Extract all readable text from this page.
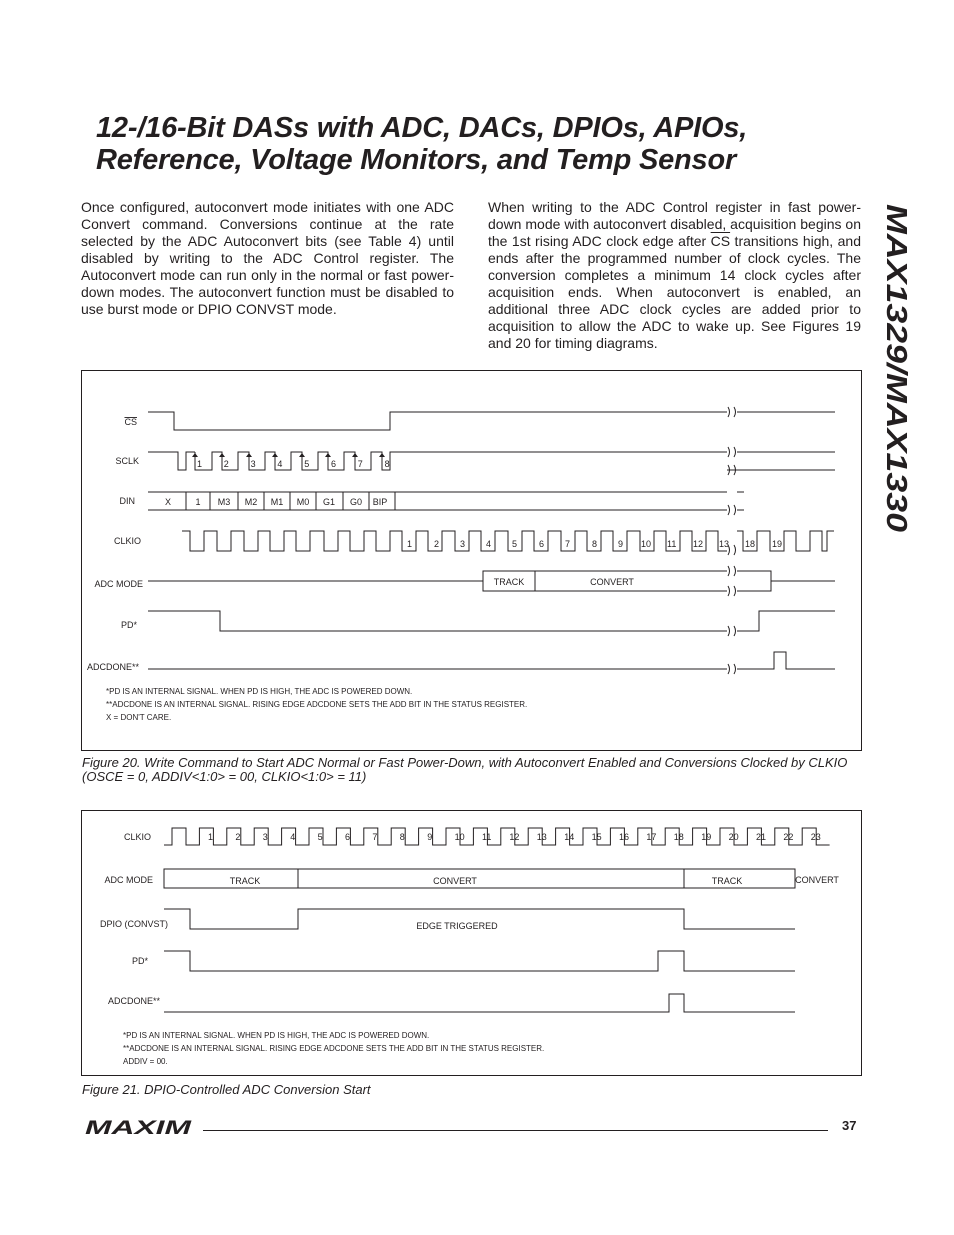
12-/16-Bit DASs with ADC, DACs, DPIOs, APIOs,
Reference, Voltage Monitors, and Temp Sensor
MAX1329/MAX1330

Once configured, autoconvert mode initiates with one ADC Convert command. Conversions continue at the rate selected by the ADC Autoconvert bits (see Table 4) until disabled by writing to the ADC Control register. The Autoconvert mode can run only in the normal or fast power-down modes. The autoconvert function must be disabled to use burst mode or DPIO CONVST mode.

When writing to the ADC Control register in fast power-down mode with autoconvert disabled, acquisition begins on the 1st rising ADC clock edge after $\overline{CS}$ transitions high, and ends after the programmed number of clock cycles. The conversion completes a minimum 14 clock cycles after acquisition ends. When autoconvert is enabled, an additional three ADC clock cycles are added prior to acquisition to allow the ADC to wake up. See Figures 19 and 20 for timing diagrams.

CS
SCLK
DIN
CLKIO
ADC MODE
PD*
ADCDONE**
1 2 3 4 5 6 7 8
X	1 M3 M2 M1 M0 G1 G0 BIP
1 2 3 4 5 6 7 8 9 10 11 12 13 18 19
TRACK	CONVERT
*PD IS AN INTERNAL SIGNAL. WHEN PD IS HIGH, THE ADC IS POWERED DOWN.
**ADCDONE IS AN INTERNAL SIGNAL. RISING EDGE ADCDONE SETS THE ADD BIT IN THE STATUS REGISTER.
X = DON'T CARE.

Figure 20. Write Command to Start ADC Normal or Fast Power-Down, with Autoconvert Enabled and Conversions Clocked by CLKIO
(OSCE = 0, ADDIV<1:0> = 00, CLKIO<1:0> = 11)

CLKIO
ADC MODE
DPIO (CONVST)
PD*
ADCDONE**
1 2 3 4 5 6 7 8 9 10 11 12 13 14 15 16 17 18 19 20 21 22 23
TRACK	CONVERT	TRACK	CONVERT
EDGE TRIGGERED
*PD IS AN INTERNAL SIGNAL. WHEN PD IS HIGH, THE ADC IS POWERED DOWN.
**ADCDONE IS AN INTERNAL SIGNAL. RISING EDGE ADCDONE SETS THE ADD BIT IN THE STATUS REGISTER.
ADDIV = 00.

Figure 21. DPIO-Controlled ADC Conversion Start

MAXIM	37
